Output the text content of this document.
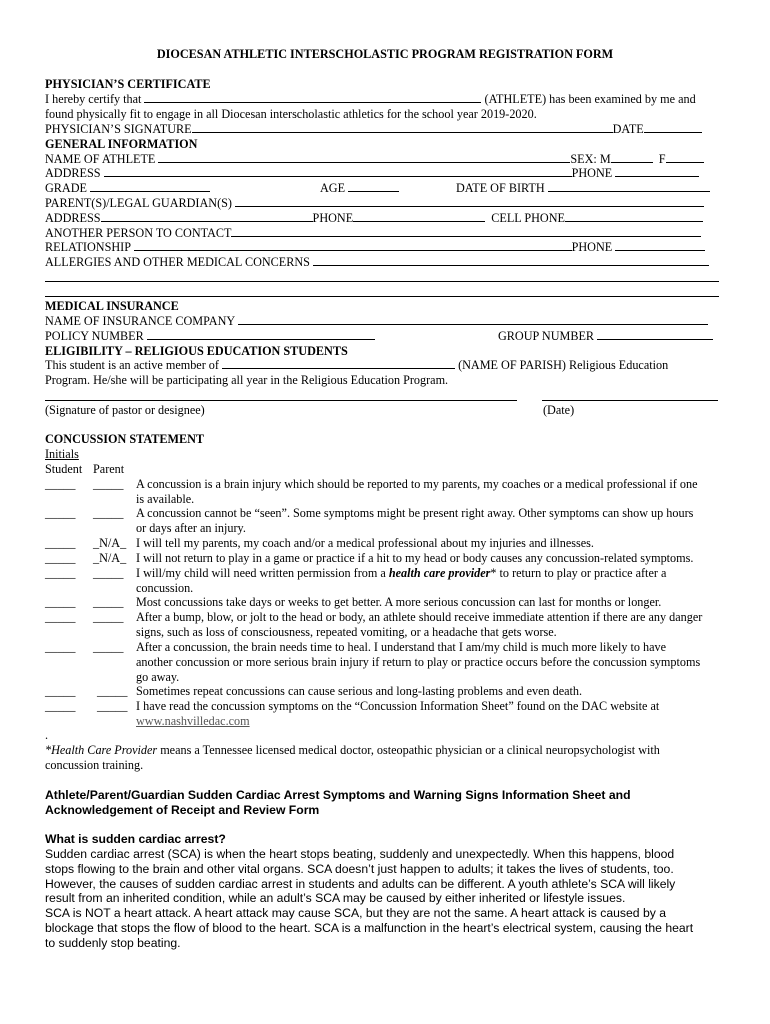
DIOCESAN ATHLETIC INTERSCHOLASTIC PROGRAM REGISTRATION FORM
PHYSICIAN’S CERTIFICATE
I hereby certify that	(ATHLETE) has been examined by me and
found physically fit to engage in all Diocesan interscholastic athletics for the school year 2019-2020.
PHYSICIAN’S SIGNATURE	DATE
GENERAL INFORMATION
NAME OF ATHLETE	SEX: M	F
ADDRESS	PHONE
GRADE	AGE	DATE OF BIRTH
PARENT(S)/LEGAL GUARDIAN(S)
ADDRESS	PHONE	CELL PHONE
ANOTHER PERSON TO CONTACT
RELATIONSHIP	PHONE
ALLERGIES AND OTHER MEDICAL CONCERNS
MEDICAL INSURANCE
NAME OF INSURANCE COMPANY
POLICY NUMBER	GROUP NUMBER
ELIGIBILITY – RELIGIOUS EDUCATION STUDENTS
This student is an active member of	(NAME OF PARISH) Religious Education
Program. He/she will be participating all year in the Religious Education Program.
(Signature of pastor or designee)	(Date)
CONCUSSION STATEMENT
Initials
Student Parent
_____ _____ A concussion is a brain injury which should be reported to my parents, my coaches or a medical professional if one
is available.
_____ _____ A concussion cannot be “seen”. Some symptoms might be present right away. Other symptoms can show up hours
or days after an injury.
_____ _N/A_ I will tell my parents, my coach and/or a medical professional about my injuries and illnesses.
_____ _N/A_ I will not return to play in a game or practice if a hit to my head or body causes any concussion-related symptoms.
_____ _____ I will/my child will need written permission from a health care provider* to return to play or practice after a
concussion.
_____ _____ Most concussions take days or weeks to get better. A more serious concussion can last for months or longer.
_____ _____ After a bump, blow, or jolt to the head or body, an athlete should receive immediate attention if there are any danger
signs, such as loss of consciousness, repeated vomiting, or a headache that gets worse.
_____ _____ After a concussion, the brain needs time to heal. I understand that I am/my child is much more likely to have
another concussion or more serious brain injury if return to play or practice occurs before the concussion symptoms
go away.
_____ _____ Sometimes repeat concussions can cause serious and long-lasting problems and even death.
_____ _____ I have read the concussion symptoms on the “Concussion Information Sheet” found on the DAC website at
www.nashvilledac.com
.
*Health Care Provider means a Tennessee licensed medical doctor, osteopathic physician or a clinical neuropsychologist with
concussion training.
Athlete/Parent/Guardian Sudden Cardiac Arrest Symptoms and Warning Signs Information Sheet and
Acknowledgement of Receipt and Review Form
What is sudden cardiac arrest?
Sudden cardiac arrest (SCA) is when the heart stops beating, suddenly and unexpectedly. When this happens, blood
stops flowing to the brain and other vital organs. SCA doesn’t just happen to adults; it takes the lives of students, too.
However, the causes of sudden cardiac arrest in students and adults can be different. A youth athlete’s SCA will likely
result from an inherited condition, while an adult’s SCA may be caused by either inherited or lifestyle issues.
SCA is NOT a heart attack. A heart attack may cause SCA, but they are not the same. A heart attack is caused by a
blockage that stops the flow of blood to the heart. SCA is a malfunction in the heart’s electrical system, causing the heart
to suddenly stop beating.
